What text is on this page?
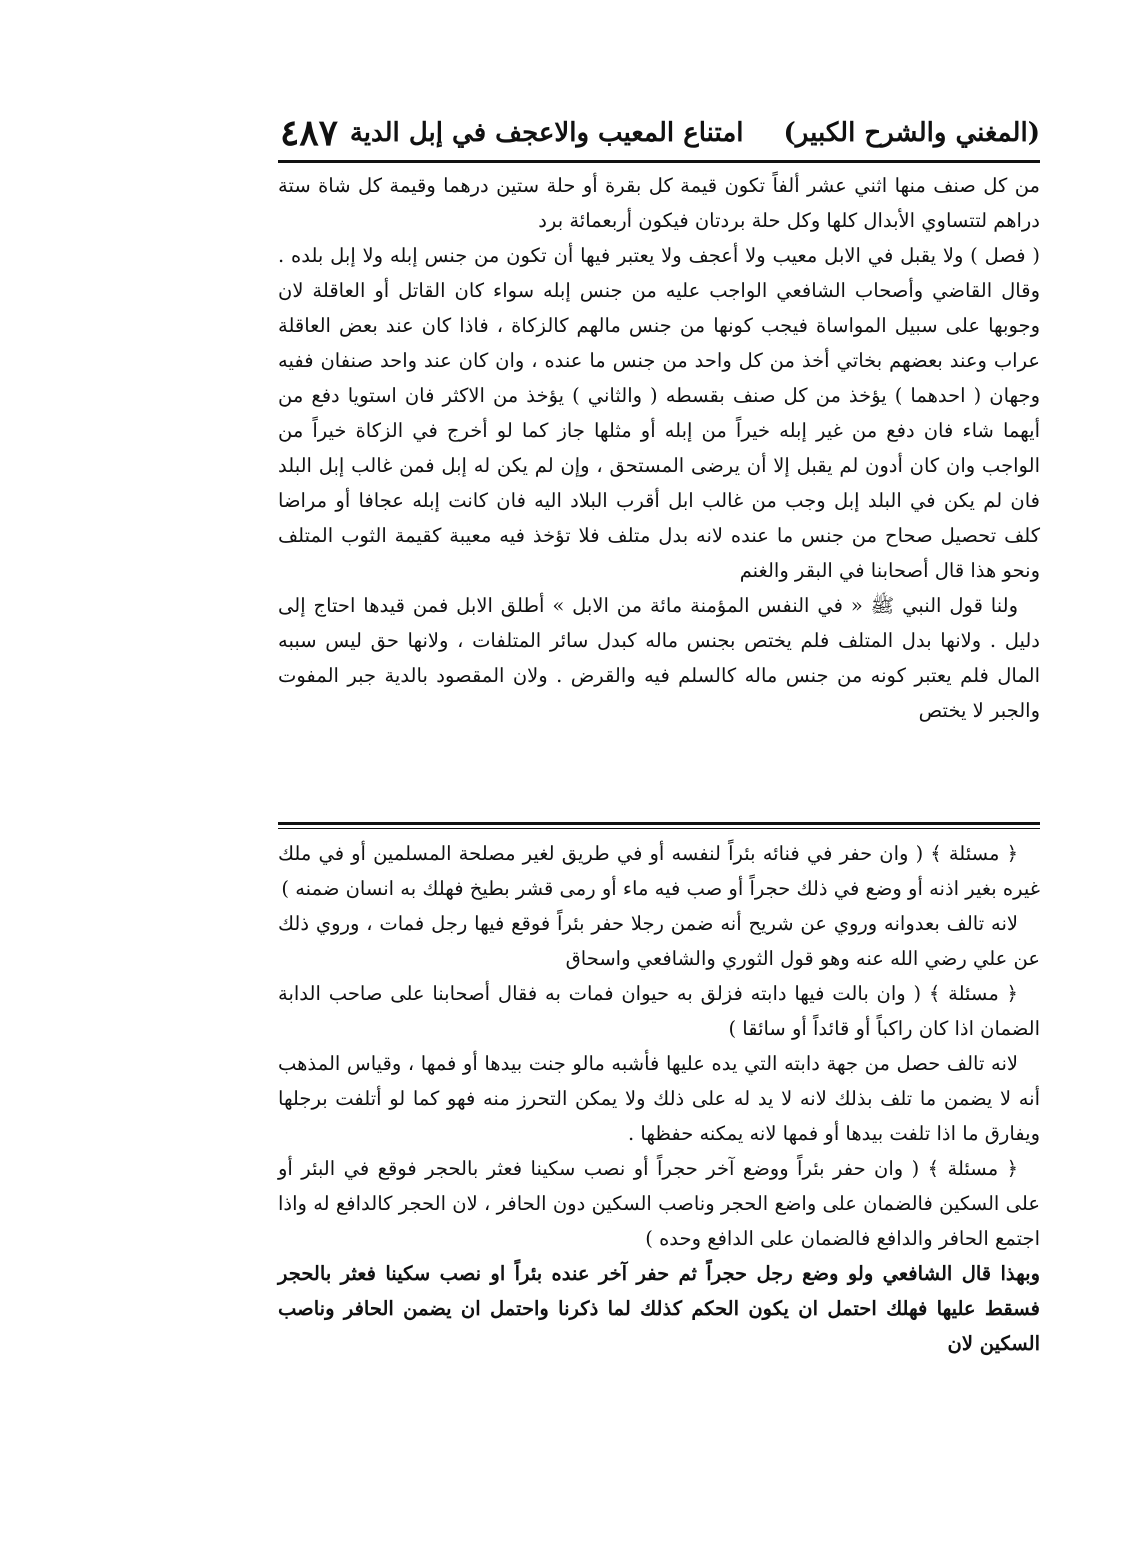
(المغني والشرح الكبير)
امتناع المعيب والاعجف في إبل الدية
٤٨٧

من كل صنف منها اثني عشر ألفاً تكون قيمة كل بقرة أو حلة ستين درهما وقيمة كل شاة ستة دراهم لتتساوي الأبدال كلها وكل حلة بردتان فيكون أربعمائة برد

( فصل ) ولا يقبل في الابل معيب ولا أعجف ولا يعتبر فيها أن تكون من جنس إبله ولا إبل بلده . وقال القاضي وأصحاب الشافعي الواجب عليه من جنس إبله سواء كان القاتل أو العاقلة لان وجوبها على سبيل المواساة فيجب كونها من جنس مالهم كالزكاة ، فاذا كان عند بعض العاقلة عراب وعند بعضهم بخاتي أخذ من كل واحد من جنس ما عنده ، وان كان عند واحد صنفان ففيه وجهان ( احدهما ) يؤخذ من كل صنف بقسطه ( والثاني ) يؤخذ من الاكثر فان استويا دفع من أيهما شاء فان دفع من غير إبله خيراً من إبله أو مثلها جاز كما لو أخرج في الزكاة خيراً من الواجب وان كان أدون لم يقبل إلا أن يرضى المستحق ، وإن لم يكن له إبل فمن غالب إبل البلد فان لم يكن في البلد إبل وجب من غالب ابل أقرب البلاد اليه فان كانت إبله عجافا أو مراضا كلف تحصيل صحاح من جنس ما عنده لانه بدل متلف فلا تؤخذ فيه معيبة كقيمة الثوب المتلف ونحو هذا قال أصحابنا في البقر والغنم

ولنا قول النبي ﷺ « في النفس المؤمنة مائة من الابل » أطلق الابل فمن قيدها احتاج إلى دليل . ولانها بدل المتلف فلم يختص بجنس ماله كبدل سائر المتلفات ، ولانها حق ليس سببه المال فلم يعتبر كونه من جنس ماله كالسلم فيه والقرض . ولان المقصود بالدية جبر المفوت والجبر لا يختص

﴿ مسئلة ﴾ ( وان حفر في فنائه بئراً لنفسه أو في طريق لغير مصلحة المسلمين أو في ملك غيره بغير اذنه أو وضع في ذلك حجراً أو صب فيه ماء أو رمى قشر بطيخ فهلك به انسان ضمنه )

لانه تالف بعدوانه وروي عن شريح أنه ضمن رجلا حفر بئراً فوقع فيها رجل فمات ، وروي ذلك عن علي رضي الله عنه وهو قول الثوري والشافعي واسحاق

﴿ مسئلة ﴾ ( وان بالت فيها دابته فزلق به حيوان فمات به فقال أصحابنا على صاحب الدابة الضمان اذا كان راكباً أو قائداً أو سائقا )

لانه تالف حصل من جهة دابته التي يده عليها فأشبه مالو جنت بيدها أو فمها ، وقياس المذهب أنه لا يضمن ما تلف بذلك لانه لا يد له على ذلك ولا يمكن التحرز منه فهو كما لو أتلفت برجلها ويفارق ما اذا تلفت بيدها أو فمها لانه يمكنه حفظها .

﴿ مسئلة ﴾ ( وان حفر بئراً ووضع آخر حجراً أو نصب سكينا فعثر بالحجر فوقع في البئر أو على السكين فالضمان على واضع الحجر وناصب السكين دون الحافر ، لان الحجر كالدافع له واذا اجتمع الحافر والدافع فالضمان على الدافع وحده )

وبهذا قال الشافعي ولو وضع رجل حجراً ثم حفر آخر عنده بئراً او نصب سكينا فعثر بالحجر فسقط عليها فهلك احتمل ان يكون الحكم كذلك لما ذكرنا واحتمل ان يضمن الحافر وناصب السكين لان
